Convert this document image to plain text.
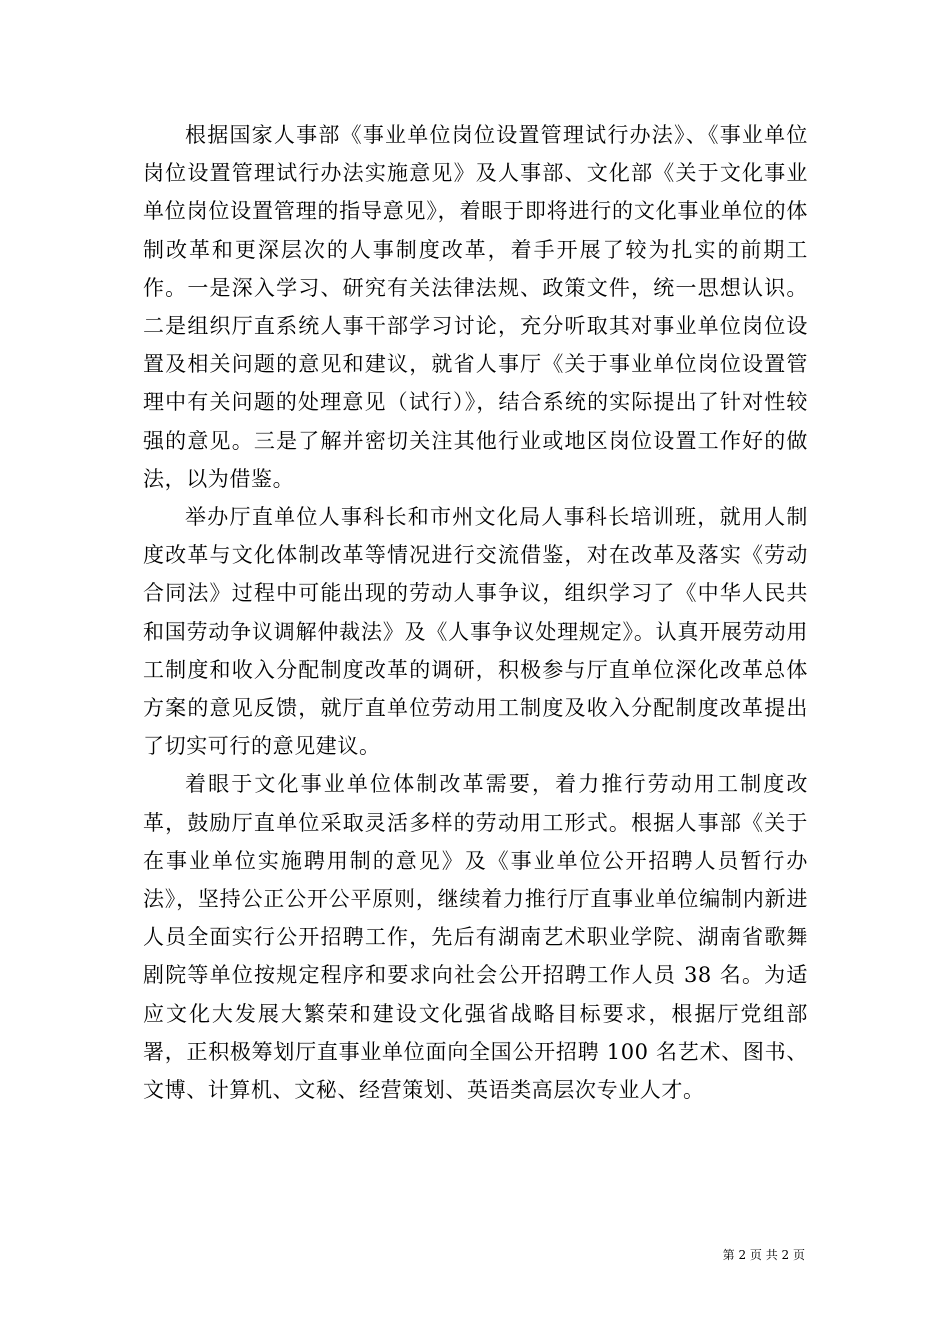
根据国家人事部《事业单位岗位设置管理试行办法》、《事业单位岗位设置管理试行办法实施意见》及人事部、文化部《关于文化事业单位岗位设置管理的指导意见》，着眼于即将进行的文化事业单位的体制改革和更深层次的人事制度改革，着手开展了较为扎实的前期工作。一是深入学习、研究有关法律法规、政策文件，统一思想认识。二是组织厅直系统人事干部学习讨论，充分听取其对事业单位岗位设置及相关问题的意见和建议，就省人事厅《关于事业单位岗位设置管理中有关问题的处理意见（试行）》，结合系统的实际提出了针对性较强的意见。三是了解并密切关注其他行业或地区岗位设置工作好的做法，以为借鉴。

举办厅直单位人事科长和市州文化局人事科长培训班，就用人制度改革与文化体制改革等情况进行交流借鉴，对在改革及落实《劳动合同法》过程中可能出现的劳动人事争议，组织学习了《中华人民共和国劳动争议调解仲裁法》及《人事争议处理规定》。认真开展劳动用工制度和收入分配制度改革的调研，积极参与厅直单位深化改革总体方案的意见反馈，就厅直单位劳动用工制度及收入分配制度改革提出了切实可行的意见建议。

着眼于文化事业单位体制改革需要，着力推行劳动用工制度改革，鼓励厅直单位采取灵活多样的劳动用工形式。根据人事部《关于在事业单位实施聘用制的意见》及《事业单位公开招聘人员暂行办法》，坚持公正公开公平原则，继续着力推行厅直事业单位编制内新进人员全面实行公开招聘工作，先后有湖南艺术职业学院、湖南省歌舞剧院等单位按规定程序和要求向社会公开招聘工作人员 38 名。为适应文化大发展大繁荣和建设文化强省战略目标要求，根据厅党组部署，正积极筹划厅直事业单位面向全国公开招聘 100 名艺术、图书、文博、计算机、文秘、经营策划、英语类高层次专业人才。

第 2 页 共 2 页
